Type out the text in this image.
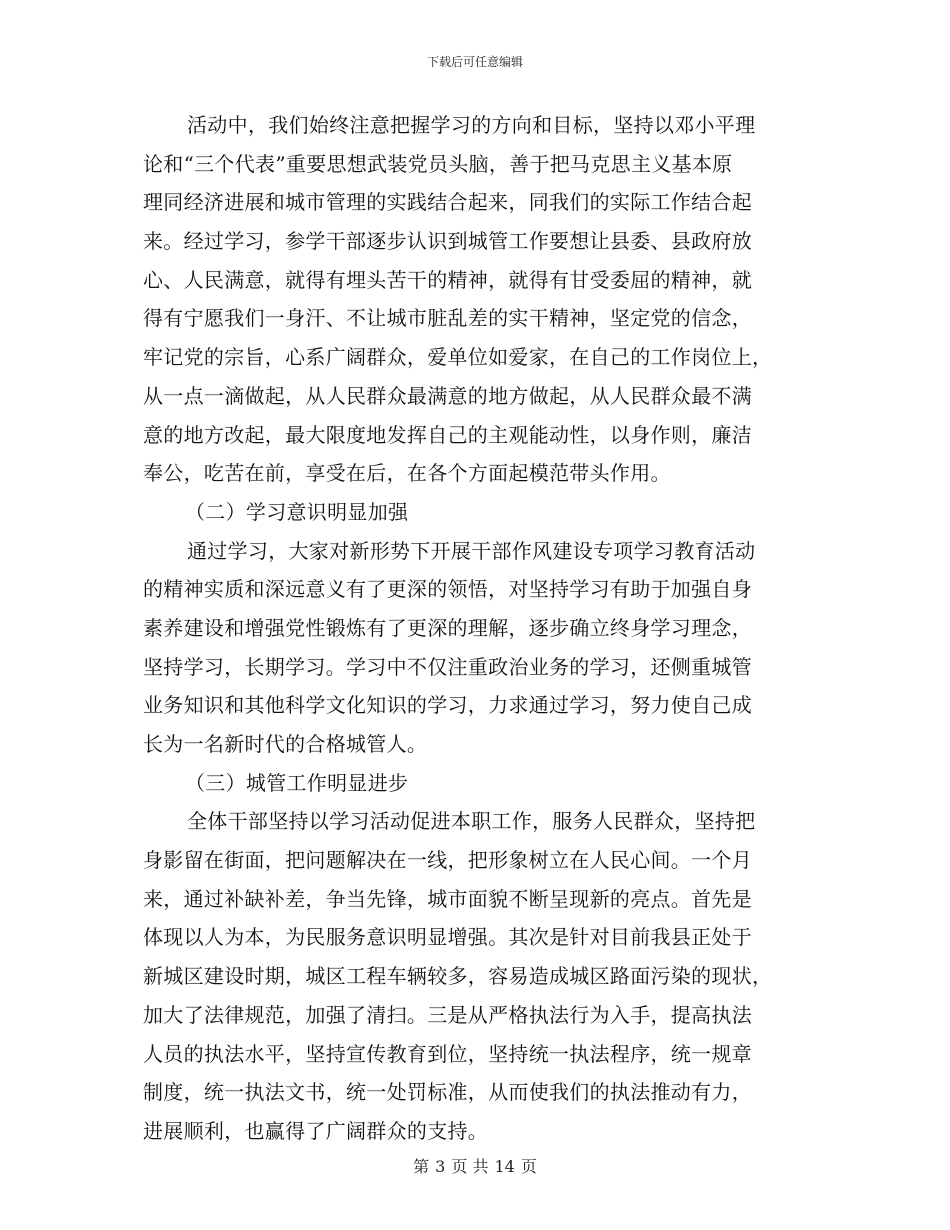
下载后可任意编辑
活动中，我们始终注意把握学习的方向和目标，坚持以邓小平理
论和“三个代表”重要思想武装党员头脑，善于把马克思主义基本原
理同经济进展和城市管理的实践结合起来，同我们的实际工作结合起
来。经过学习，参学干部逐步认识到城管工作要想让县委、县政府放
心、人民满意，就得有埋头苦干的精神，就得有甘受委屈的精神，就
得有宁愿我们一身汗、不让城市脏乱差的实干精神，坚定党的信念，
牢记党的宗旨，心系广阔群众，爱单位如爱家，在自己的工作岗位上，
从一点一滴做起，从人民群众最满意的地方做起，从人民群众最不满
意的地方改起，最大限度地发挥自己的主观能动性，以身作则，廉洁
奉公，吃苦在前，享受在后，在各个方面起模范带头作用。
（二）学习意识明显加强
通过学习，大家对新形势下开展干部作风建设专项学习教育活动
的精神实质和深远意义有了更深的领悟，对坚持学习有助于加强自身
素养建设和增强党性锻炼有了更深的理解，逐步确立终身学习理念，
坚持学习，长期学习。学习中不仅注重政治业务的学习，还侧重城管
业务知识和其他科学文化知识的学习，力求通过学习，努力使自己成
长为一名新时代的合格城管人。
（三）城管工作明显进步
全体干部坚持以学习活动促进本职工作，服务人民群众，坚持把
身影留在街面，把问题解决在一线，把形象树立在人民心间。一个月
来，通过补缺补差，争当先锋，城市面貌不断呈现新的亮点。首先是
体现以人为本，为民服务意识明显增强。其次是针对目前我县正处于
新城区建设时期，城区工程车辆较多，容易造成城区路面污染的现状，
加大了法律规范，加强了清扫。三是从严格执法行为入手，提高执法
人员的执法水平，坚持宣传教育到位，坚持统一执法程序，统一规章
制度，统一执法文书，统一处罚标准，从而使我们的执法推动有力，
进展顺利，也赢得了广阔群众的支持。
第 3 页 共 14 页
